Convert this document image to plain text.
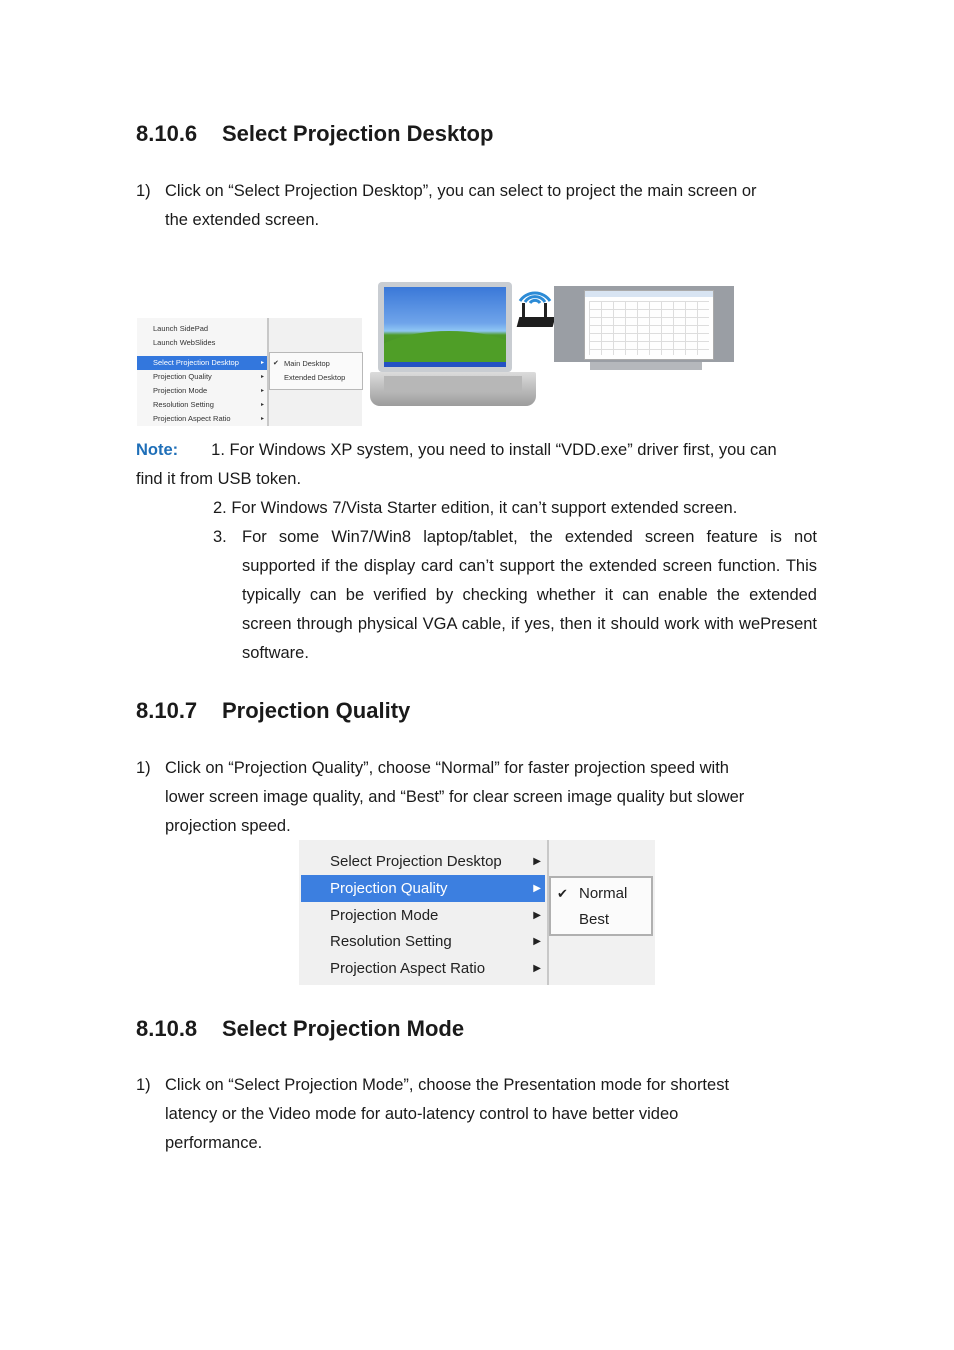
8.10.6 Select Projection Desktop
1) Click on “Select Projection Desktop”, you can select to project the main screen or
the extended screen.
Launch SidePad
Launch WebSlides
Select Projection Desktop	▸
Projection Quality	▸
Projection Mode	▸
Resolution Setting	▸
Projection Aspect Ratio	▸
✔ Main Desktop
Extended Desktop
Note: 1. For Windows XP system, you need to install “VDD.exe” driver first, you can
find it from USB token.
2. For Windows 7/Vista Starter edition, it can’t support extended screen.
3. For some Win7/Win8 laptop/tablet, the extended screen feature is not supported if the display card can’t support the extended screen function. This typically can be verified by checking whether it can enable the extended screen through physical VGA cable, if yes, then it should work with wePresent software.
8.10.7 Projection Quality
1) Click on “Projection Quality”, choose “Normal” for faster projection speed with
lower screen image quality, and “Best” for clear screen image quality but slower
projection speed.
Select Projection Desktop	▶
Projection Quality	▶
Projection Mode	▶
Resolution Setting	▶
Projection Aspect Ratio	▶
✔ Normal
Best
8.10.8 Select Projection Mode
1) Click on “Select Projection Mode”, choose the Presentation mode for shortest
latency or the Video mode for auto-latency control to have better video
performance.
